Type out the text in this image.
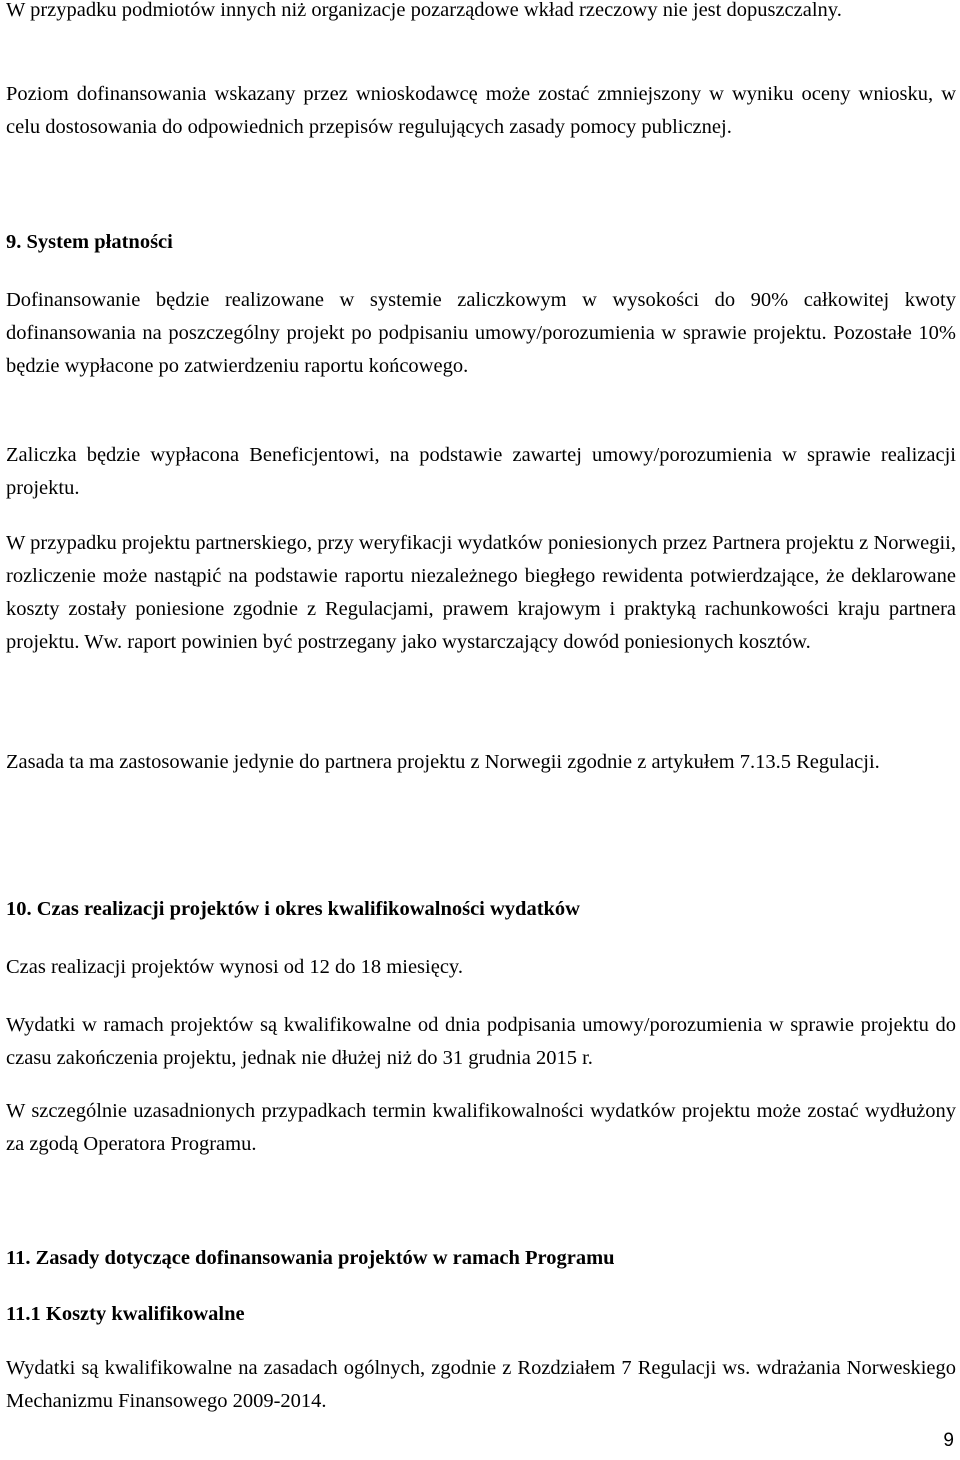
W przypadku podmiotów innych niż organizacje pozarządowe wkład rzeczowy nie jest dopuszczalny.

Poziom dofinansowania wskazany przez wnioskodawcę może zostać zmniejszony w wyniku oceny wniosku, w celu dostosowania do odpowiednich przepisów regulujących zasady pomocy publicznej.

9. System płatności

Dofinansowanie będzie realizowane w systemie zaliczkowym w wysokości do 90% całkowitej kwoty dofinansowania na poszczególny projekt po podpisaniu umowy/porozumienia w sprawie projektu. Pozostałe 10% będzie wypłacone po zatwierdzeniu raportu końcowego.

Zaliczka będzie wypłacona Beneficjentowi, na podstawie zawartej umowy/porozumienia w sprawie realizacji projektu.

W przypadku projektu partnerskiego, przy weryfikacji wydatków poniesionych przez Partnera projektu z Norwegii, rozliczenie może nastąpić na podstawie raportu niezależnego biegłego rewidenta potwierdzające, że deklarowane koszty zostały poniesione zgodnie z Regulacjami, prawem krajowym i praktyką rachunkowości kraju partnera projektu. Ww. raport powinien być postrzegany jako wystarczający dowód poniesionych kosztów.

Zasada ta ma zastosowanie jedynie do partnera projektu z Norwegii zgodnie z artykułem 7.13.5 Regulacji.

10. Czas realizacji projektów i okres kwalifikowalności wydatków

Czas realizacji projektów wynosi od 12 do 18 miesięcy.

Wydatki w ramach projektów są kwalifikowalne od dnia podpisania umowy/porozumienia w sprawie projektu do czasu zakończenia projektu, jednak nie dłużej niż do 31 grudnia 2015 r.

W szczególnie uzasadnionych przypadkach termin kwalifikowalności wydatków projektu może zostać wydłużony za zgodą Operatora Programu.

11. Zasady dotyczące dofinansowania projektów w ramach Programu

11.1 Koszty kwalifikowalne

Wydatki są kwalifikowalne na zasadach ogólnych, zgodnie z Rozdziałem 7 Regulacji ws. wdrażania Norweskiego Mechanizmu Finansowego 2009-2014.

9
